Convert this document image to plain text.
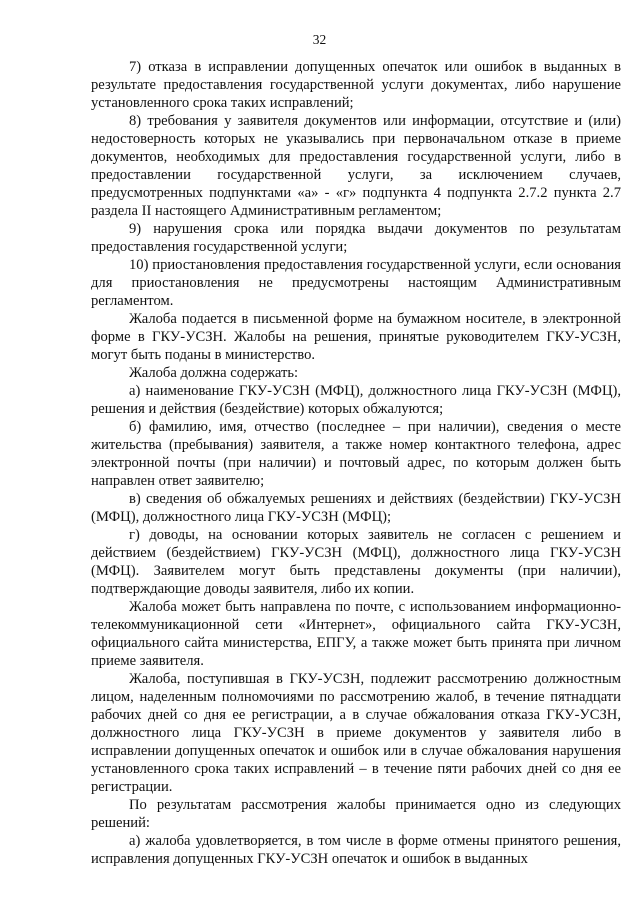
32

7) отказа в исправлении допущенных опечаток или ошибок в выданных в результате предоставления государственной услуги документах, либо нарушение установленного срока таких исправлений;

8) требования у заявителя документов или информации, отсутствие и (или) недостоверность которых не указывались при первоначальном отказе в приеме документов, необходимых для предоставления государственной услуги, либо в предоставлении государственной услуги, за исключением случаев, предусмотренных подпунктами «а» - «г» подпункта 4 подпункта 2.7.2 пункта 2.7 раздела II настоящего Административным регламентом;

9) нарушения срока или порядка выдачи документов по результатам предоставления государственной услуги;

10) приостановления предоставления государственной услуги, если основания для приостановления не предусмотрены настоящим Административным регламентом.

Жалоба подается в письменной форме на бумажном носителе, в электронной форме в ГКУ-УСЗН. Жалобы на решения, принятые руководителем ГКУ-УСЗН, могут быть поданы в министерство.

Жалоба должна содержать:

а) наименование ГКУ-УСЗН (МФЦ), должностного лица ГКУ-УСЗН (МФЦ), решения и действия (бездействие) которых обжалуются;

б) фамилию, имя, отчество (последнее – при наличии), сведения о месте жительства (пребывания) заявителя, а также номер контактного телефона, адрес электронной почты (при наличии) и почтовый адрес, по которым должен быть направлен ответ заявителю;

в) сведения об обжалуемых решениях и действиях (бездействии) ГКУ-УСЗН (МФЦ), должностного лица ГКУ-УСЗН (МФЦ);

г) доводы, на основании которых заявитель не согласен с решением и действием (бездействием) ГКУ-УСЗН (МФЦ), должностного лица ГКУ-УСЗН (МФЦ). Заявителем могут быть представлены документы (при наличии), подтверждающие доводы заявителя, либо их копии.

Жалоба может быть направлена по почте, с использованием информационно-телекоммуникационной сети «Интернет», официального сайта ГКУ-УСЗН, официального сайта министерства, ЕПГУ, а также может быть принята при личном приеме заявителя.

Жалоба, поступившая в ГКУ-УСЗН, подлежит рассмотрению должностным лицом, наделенным полномочиями по рассмотрению жалоб, в течение пятнадцати рабочих дней со дня ее регистрации, а в случае обжалования отказа ГКУ-УСЗН, должностного лица ГКУ-УСЗН в приеме документов у заявителя либо в исправлении допущенных опечаток и ошибок или в случае обжалования нарушения установленного срока таких исправлений – в течение пяти рабочих дней со дня ее регистрации.

По результатам рассмотрения жалобы принимается одно из следующих решений:

а) жалоба удовлетворяется, в том числе в форме отмены принятого решения, исправления допущенных ГКУ-УСЗН опечаток и ошибок в выданных
